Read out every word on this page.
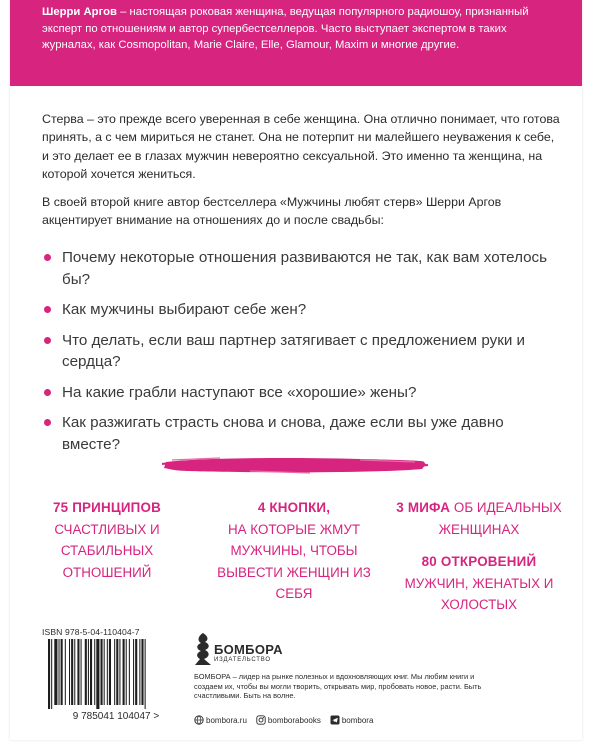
Шерри Аргов – настоящая роковая женщина, ведущая популярного радиошоу, признанный эксперт по отношениям и автор супербестселлеров. Часто выступает экспертом в таких журналах, как Cosmopolitan, Marie Claire, Elle, Glamour, Maxim и многие другие.

Стерва – это прежде всего уверенная в себе женщина. Она отлично понимает, что готова принять, а с чем мириться не станет. Она не потерпит ни малейшего неуважения к себе, и это делает ее в глазах мужчин невероятно сексуальной. Это именно та женщина, на которой хочется жениться.

В своей второй книге автор бестселлера «Мужчины любят стерв» Шерри Аргов акцентирует внимание на отношениях до и после свадьбы:

Почему некоторые отношения развиваются не так, как вам хотелось бы?
Как мужчины выбирают себе жен?
Что делать, если ваш партнер затягивает с предложением руки и сердца?
На какие грабли наступают все «хорошие» жены?
Как разжигать страсть снова и снова, даже если вы уже давно вместе?
75 ПРИНЦИПОВ
СЧАСТЛИВЫХ И СТАБИЛЬНЫХ ОТНОШЕНИЙ
4 КНОПКИ,
НА КОТОРЫЕ ЖМУТ МУЖЧИНЫ, ЧТОБЫ ВЫВЕСТИ ЖЕНЩИН ИЗ СЕБЯ
3 МИФА ОБ ИДЕАЛЬНЫХ ЖЕНЩИНАХ
80 ОТКРОВЕНИЙ
МУЖЧИН, ЖЕНАТЫХ И ХОЛОСТЫХ
ISBN 978-5-04-110404-7
9 785041 104047 >
БОМБОРА
ИЗДАТЕЛЬСТВО
БОМБОРА – лидер на рынке полезных и вдохновляющих книг. Мы любим книги и создаем их, чтобы вы могли творить, открывать мир, пробовать новое, расти. Быть счастливыми. Быть на волне.
bombora.ru	bomborabooks	bombora
